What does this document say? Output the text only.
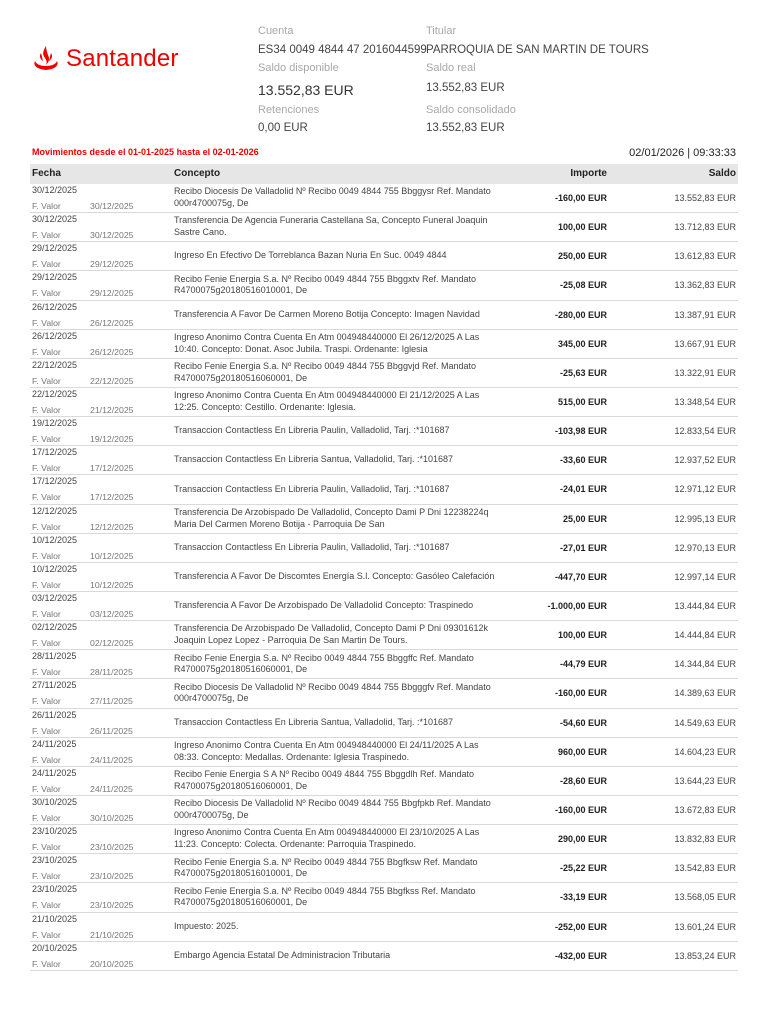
Santander
Cuenta
ES34 0049 4844 47 2016044599
Titular
PARROQUIA DE SAN MARTIN DE TOURS
Saldo disponible
13.552,83 EUR
Saldo real
13.552,83 EUR
Retenciones
0,00 EUR
Saldo consolidado
13.552,83 EUR
Movimientos desde el 01-01-2025 hasta el 02-01-2026	02/01/2026 | 09:33:33
Fecha	Concepto	Importe	Saldo
30/12/2025
F. Valor	30/12/2025
Recibo Diocesis De Valladolid Nº Recibo 0049 4844 755 Bbggysr Ref. Mandato 000r4700075g, De	-160,00 EUR	13.552,83 EUR
30/12/2025
F. Valor	30/12/2025
Transferencia De Agencia Funeraria Castellana Sa, Concepto Funeral Joaquin Sastre Cano.	100,00 EUR	13.712,83 EUR
29/12/2025
F. Valor	29/12/2025
Ingreso En Efectivo De Torreblanca Bazan Nuria En Suc. 0049 4844	250,00 EUR	13.612,83 EUR
29/12/2025
F. Valor	29/12/2025
Recibo Fenie Energia S.a. Nº Recibo 0049 4844 755 Bbggxtv Ref. Mandato R4700075g20180516010001, De	-25,08 EUR	13.362,83 EUR
26/12/2025
F. Valor	26/12/2025
Transferencia A Favor De Carmen Moreno Botija Concepto: Imagen Navidad	-280,00 EUR	13.387,91 EUR
26/12/2025
F. Valor	26/12/2025
Ingreso Anonimo Contra Cuenta En Atm 004948440000 El 26/12/2025 A Las 10:40. Concepto: Donat. Asoc Jubila. Traspi. Ordenante: Iglesia	345,00 EUR	13.667,91 EUR
22/12/2025
F. Valor	22/12/2025
Recibo Fenie Energia S.a. Nº Recibo 0049 4844 755 Bbggvjd Ref. Mandato R4700075g20180516060001, De	-25,63 EUR	13.322,91 EUR
22/12/2025
F. Valor	21/12/2025
Ingreso Anonimo Contra Cuenta En Atm 004948440000 El 21/12/2025 A Las 12:25. Concepto: Cestillo. Ordenante: Iglesia.	515,00 EUR	13.348,54 EUR
19/12/2025
F. Valor	19/12/2025
Transaccion Contactless En Libreria Paulin, Valladolid, Tarj. :*101687	-103,98 EUR	12.833,54 EUR
17/12/2025
F. Valor	17/12/2025
Transaccion Contactless En Libreria Santua, Valladolid, Tarj. :*101687	-33,60 EUR	12.937,52 EUR
17/12/2025
F. Valor	17/12/2025
Transaccion Contactless En Libreria Paulin, Valladolid, Tarj. :*101687	-24,01 EUR	12.971,12 EUR
12/12/2025
F. Valor	12/12/2025
Transferencia De Arzobispado De Valladolid, Concepto Dami P Dni 12238224q Maria Del Carmen Moreno Botija - Parroquia De San	25,00 EUR	12.995,13 EUR
10/12/2025
F. Valor	10/12/2025
Transaccion Contactless En Libreria Paulin, Valladolid, Tarj. :*101687	-27,01 EUR	12.970,13 EUR
10/12/2025
F. Valor	10/12/2025
Transferencia A Favor De Discomtes Energía S.l. Concepto: Gasóleo Calefación	-447,70 EUR	12.997,14 EUR
03/12/2025
F. Valor	03/12/2025
Transferencia A Favor De Arzobispado De Valladolid Concepto: Traspinedo	-1.000,00 EUR	13.444,84 EUR
02/12/2025
F. Valor	02/12/2025
Transferencia De Arzobispado De Valladolid, Concepto Dami P Dni 09301612k Joaquin Lopez Lopez - Parroquia De San Martin De Tours.	100,00 EUR	14.444,84 EUR
28/11/2025
F. Valor	28/11/2025
Recibo Fenie Energia S.a. Nº Recibo 0049 4844 755 Bbggffc Ref. Mandato R4700075g20180516060001, De	-44,79 EUR	14.344,84 EUR
27/11/2025
F. Valor	27/11/2025
Recibo Diocesis De Valladolid Nº Recibo 0049 4844 755 Bbgggfv Ref. Mandato 000r4700075g, De	-160,00 EUR	14.389,63 EUR
26/11/2025
F. Valor	26/11/2025
Transaccion Contactless En Libreria Santua, Valladolid, Tarj. :*101687	-54,60 EUR	14.549,63 EUR
24/11/2025
F. Valor	24/11/2025
Ingreso Anonimo Contra Cuenta En Atm 004948440000 El 24/11/2025 A Las 08:33. Concepto: Medallas. Ordenante: Iglesia Traspinedo.	960,00 EUR	14.604,23 EUR
24/11/2025
F. Valor	24/11/2025
Recibo Fenie Energia S A Nº Recibo 0049 4844 755 Bbggdlh Ref. Mandato R4700075g20180516060001, De	-28,60 EUR	13.644,23 EUR
30/10/2025
F. Valor	30/10/2025
Recibo Diocesis De Valladolid Nº Recibo 0049 4844 755 Bbgfpkb Ref. Mandato 000r4700075g, De	-160,00 EUR	13.672,83 EUR
23/10/2025
F. Valor	23/10/2025
Ingreso Anonimo Contra Cuenta En Atm 004948440000 El 23/10/2025 A Las 11:23. Concepto: Colecta. Ordenante: Parroquia Traspinedo.	290,00 EUR	13.832,83 EUR
23/10/2025
F. Valor	23/10/2025
Recibo Fenie Energia S.a. Nº Recibo 0049 4844 755 Bbgfksw Ref. Mandato R4700075g20180516010001, De	-25,22 EUR	13.542,83 EUR
23/10/2025
F. Valor	23/10/2025
Recibo Fenie Energia S.a. Nº Recibo 0049 4844 755 Bbgfkss Ref. Mandato R4700075g20180516060001, De	-33,19 EUR	13.568,05 EUR
21/10/2025
F. Valor	21/10/2025
Impuesto: 2025.	-252,00 EUR	13.601,24 EUR
20/10/2025
F. Valor	20/10/2025
Embargo Agencia Estatal De Administracion Tributaria	-432,00 EUR	13.853,24 EUR
